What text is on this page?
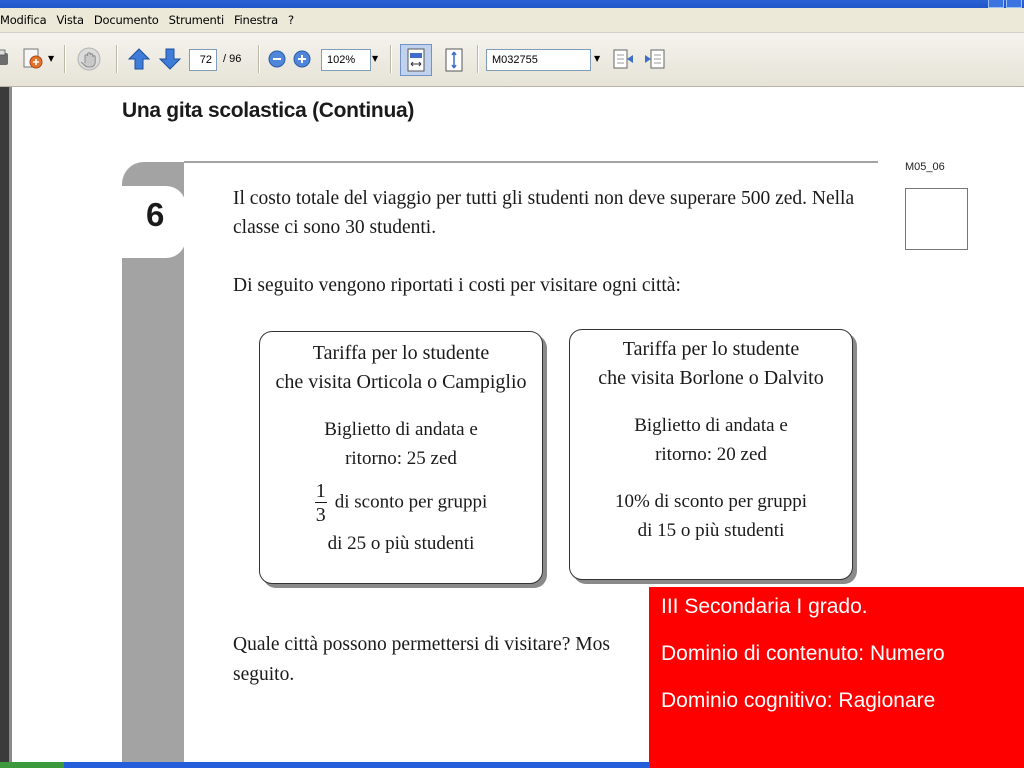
Modifica Vista Documento Strumenti Finestra ?
▼	72	/ 96	102%	▼	M032755	▼
Una gita scolastica (Continua)
6
M05_06
Il costo totale del viaggio per tutti gli studenti non deve superare 500 zed. Nella
classe ci sono 30 studenti.
Di seguito vengono riportati i costi per visitare ogni città:
Tariffa per lo studente
che visita Orticola o Campiglio
Biglietto di andata e
ritorno: 25 zed
$\frac{1}{3}$ di sconto per gruppi
di 25 o più studenti
Tariffa per lo studente
che visita Borlone o Dalvito
Biglietto di andata e
ritorno: 20 zed
10% di sconto per gruppi
di 15 o più studenti
Quale città possono permettersi di visitare? Mos
seguito.
III Secondaria I grado.
Dominio di contenuto: Numero
Dominio cognitivo: Ragionare
